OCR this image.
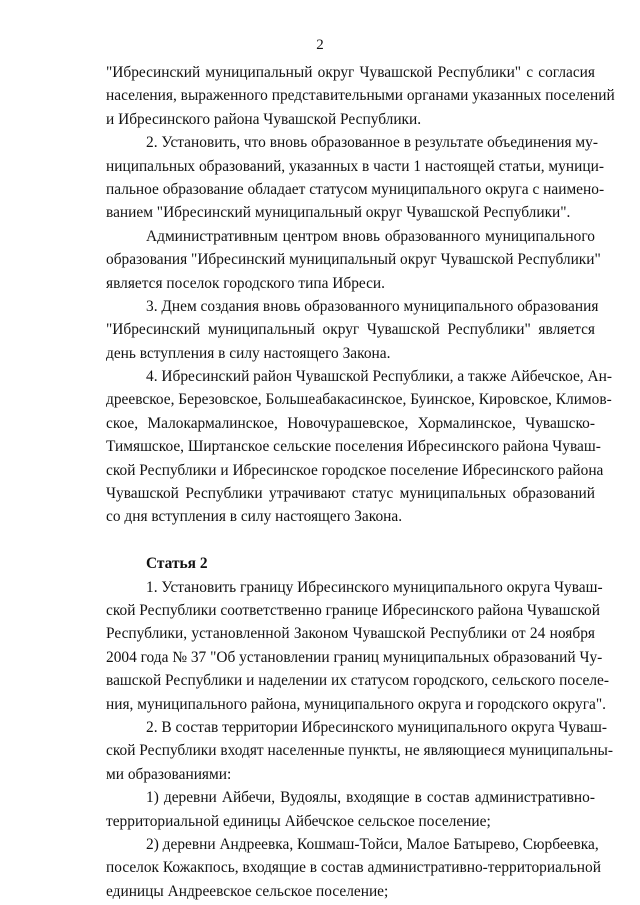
2
"Ибресинский муниципальный округ Чувашской Республики" с согласия
населения, выраженного представительными органами указанных поселений
и Ибресинского района Чувашской Республики.
2. Установить, что вновь образованное в результате объединения му-
ниципальных образований, указанных в части 1 настоящей статьи, муници-
пальное образование обладает статусом муниципального округа с наимено-
ванием "Ибресинский муниципальный округ Чувашской Республики".
Административным центром вновь образованного муниципального
образования "Ибресинский муниципальный округ Чувашской Республики"
является поселок городского типа Ибреси.
3. Днем создания вновь образованного муниципального образования
"Ибресинский муниципальный округ Чувашской Республики" является
день вступления в силу настоящего Закона.
4. Ибресинский район Чувашской Республики, а также Айбечское, Ан-
дреевское, Березовское, Большеабакасинское, Буинское, Кировское, Климов-
ское, Малокармалинское, Новочурашевское, Хормалинское, Чувашско-
Тимяшское, Ширтанское сельские поселения Ибресинского района Чуваш-
ской Республики и Ибресинское городское поселение Ибресинского района
Чувашской Республики утрачивают статус муниципальных образований
со дня вступления в силу настоящего Закона.
Статья 2
1. Установить границу Ибресинского муниципального округа Чуваш-
ской Республики соответственно границе Ибресинского района Чувашской
Республики, установленной Законом Чувашской Республики от 24 ноября
2004 года № 37 "Об установлении границ муниципальных образований Чу-
вашской Республики и наделении их статусом городского, сельского поселе-
ния, муниципального района, муниципального округа и городского округа".
2. В состав территории Ибресинского муниципального округа Чуваш-
ской Республики входят населенные пункты, не являющиеся муниципальны-
ми образованиями:
1) деревни Айбечи, Вудоялы, входящие в состав административно-
территориальной единицы Айбечское сельское поселение;
2) деревни Андреевка, Кошмаш-Тойси, Малое Батырево, Сюрбеевка,
поселок Кожакпось, входящие в состав административно-территориальной
единицы Андреевское сельское поселение;
